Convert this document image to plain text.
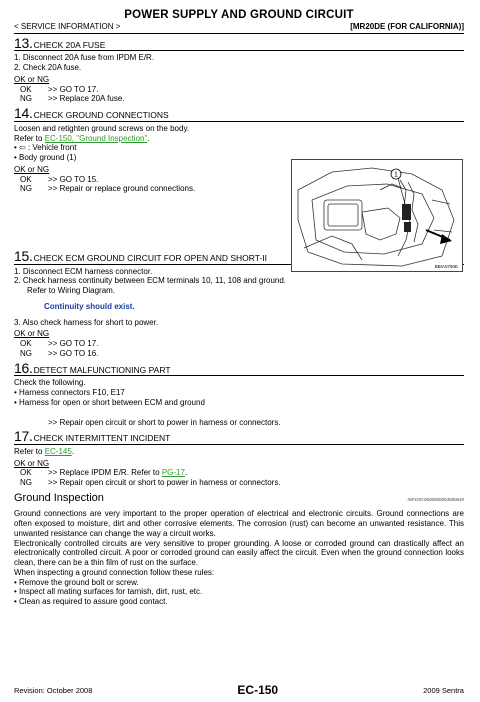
POWER SUPPLY AND GROUND CIRCUIT
< SERVICE INFORMATION >	[MR20DE (FOR CALIFORNIA)]
13. CHECK 20A FUSE
1. Disconnect 20A fuse from IPDM E/R.
2. Check 20A fuse.
OK or NG
OK	>> GO TO 17.
NG	>> Replace 20A fuse.
14. CHECK GROUND CONNECTIONS
Loosen and retighten ground screws on the body.
Refer to EC-150, "Ground Inspection".
• ⇦ : Vehicle front
• Body ground (1)
OK or NG
OK	>> GO TO 15.
NG	>> Repair or replace ground connections.
15. CHECK ECM GROUND CIRCUIT FOR OPEN AND SHORT-II
1. Disconnect ECM harness connector.
2. Check harness continuity between ECM terminals 10, 11, 108 and ground.
Refer to Wiring Diagram.
Continuity should exist.
3. Also check harness for short to power.
OK or NG
OK	>> GO TO 17.
NG	>> GO TO 16.
16. DETECT MALFUNCTIONING PART
Check the following.
• Harness connectors F10, E17
• Harness for open or short between ECM and ground
>> Repair open circuit or short to power in harness or connectors.
17. CHECK INTERMITTENT INCIDENT
Refer to EC-145.
OK or NG
OK	>> Replace IPDM E/R. Refer to PG-17.
NG	>> Repair open circuit or short to power in harness or connectors.
Ground Inspection	INFOID:0000000004080645
Ground connections are very important to the proper operation of electrical and electronic circuits. Ground connections are often exposed to moisture, dirt and other corrosive elements. The corrosion (rust) can become an unwanted resistance. This unwanted resistance can change the way a circuit works.
Electronically controlled circuits are very sensitive to proper grounding. A loose or corroded ground can drastically affect an electronically controlled circuit. A poor or corroded ground can easily affect the circuit. Even when the ground connection looks clean, there can be a thin film of rust on the surface.
When inspecting a ground connection follow these rules:
• Remove the ground bolt or screw.
• Inspect all mating surfaces for tarnish, dirt, rust, etc.
• Clean as required to assure good contact.
1
BBIA0760E
Revision: October 2008	EC-150	2009 Sentra
